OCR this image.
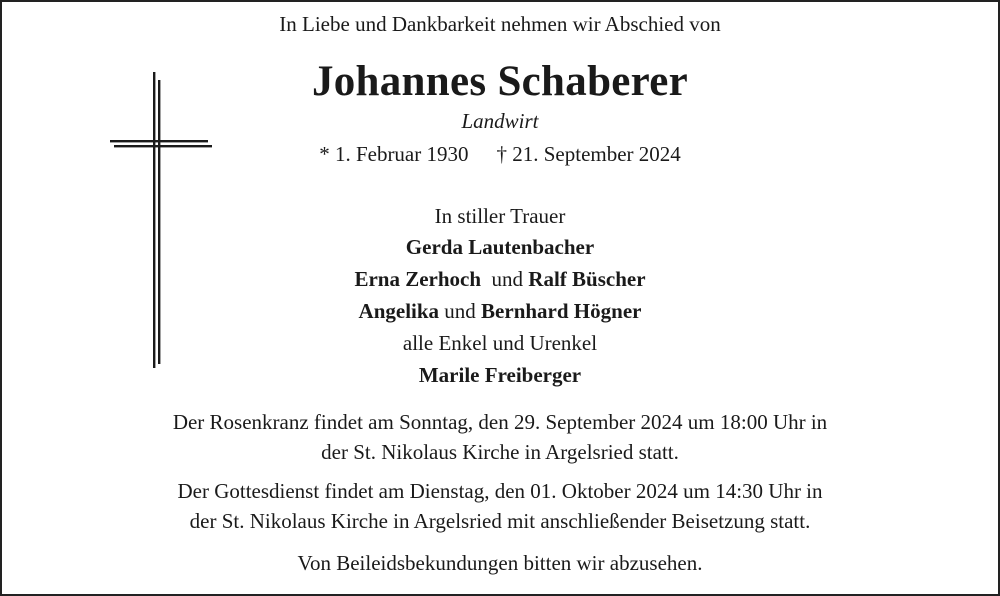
In Liebe und Dankbarkeit nehmen wir Abschied von
Johannes Schaberer
Landwirt
* 1. Februar 1930 † 21. September 2024
In stiller Trauer
Gerda Lautenbacher
Erna Zerhoch und Ralf Büscher
Angelika und Bernhard Högner
alle Enkel und Urenkel
Marile Freiberger
Der Rosenkranz findet am Sonntag, den 29. September 2024 um 18:00 Uhr in
der St. Nikolaus Kirche in Argelsried statt.
Der Gottesdienst findet am Dienstag, den 01. Oktober 2024 um 14:30 Uhr in
der St. Nikolaus Kirche in Argelsried mit anschließender Beisetzung statt.
Von Beileidsbekundungen bitten wir abzusehen.
